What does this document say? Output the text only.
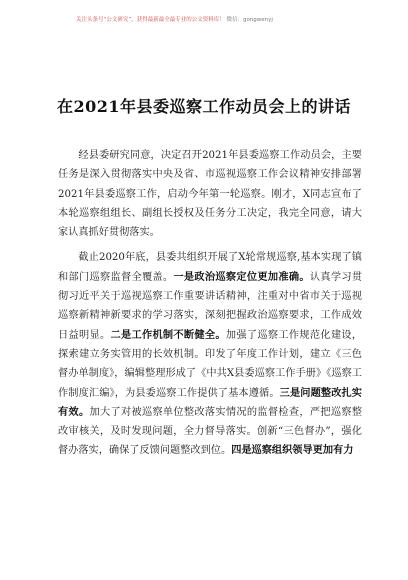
关注头条号“公文研究”，获得最新最全最专业的公文资料库！ 微信：gongwenyj
在2021年县委巡察工作动员会上的讲话

经县委研究同意，决定召开2021年县委巡察工作动员会，主要任务是深入贯彻落实中央及省、市巡视巡察工作会议精神安排部署2021年县委巡察工作，启动今年第一轮巡察。刚才，X同志宣布了本轮巡察组组长、副组长授权及任务分工决定，我完全同意，请大家认真抓好贯彻落实。

截止2020年底，县委共组织开展了X轮常规巡察,基本实现了镇和部门巡察监督全覆盖。一是政治巡察定位更加准确。认真学习贯彻习近平关于巡视巡察工作重要讲话精神，注重对中省市关于巡视巡察新精神新要求的学习落实，深刻把握政治巡察要求，工作成效日益明显。二是工作机制不断健全。加强了巡察工作规范化建设，探索建立务实管用的长效机制。印发了年度工作计划，建立《三色督办单制度》，编辑整理形成了《中共X县委巡察工作手册》《巡察工作制度汇编》，为县委巡察工作提供了基本遵循。三是问题整改扎实有效。加大了对被巡察单位整改落实情况的监督检查，严把巡察整改审核关，及时发现问题，全力督导落实。创新“三色督办”，强化督办落实，确保了反馈问题整改到位。四是巡察组织领导更加有力
